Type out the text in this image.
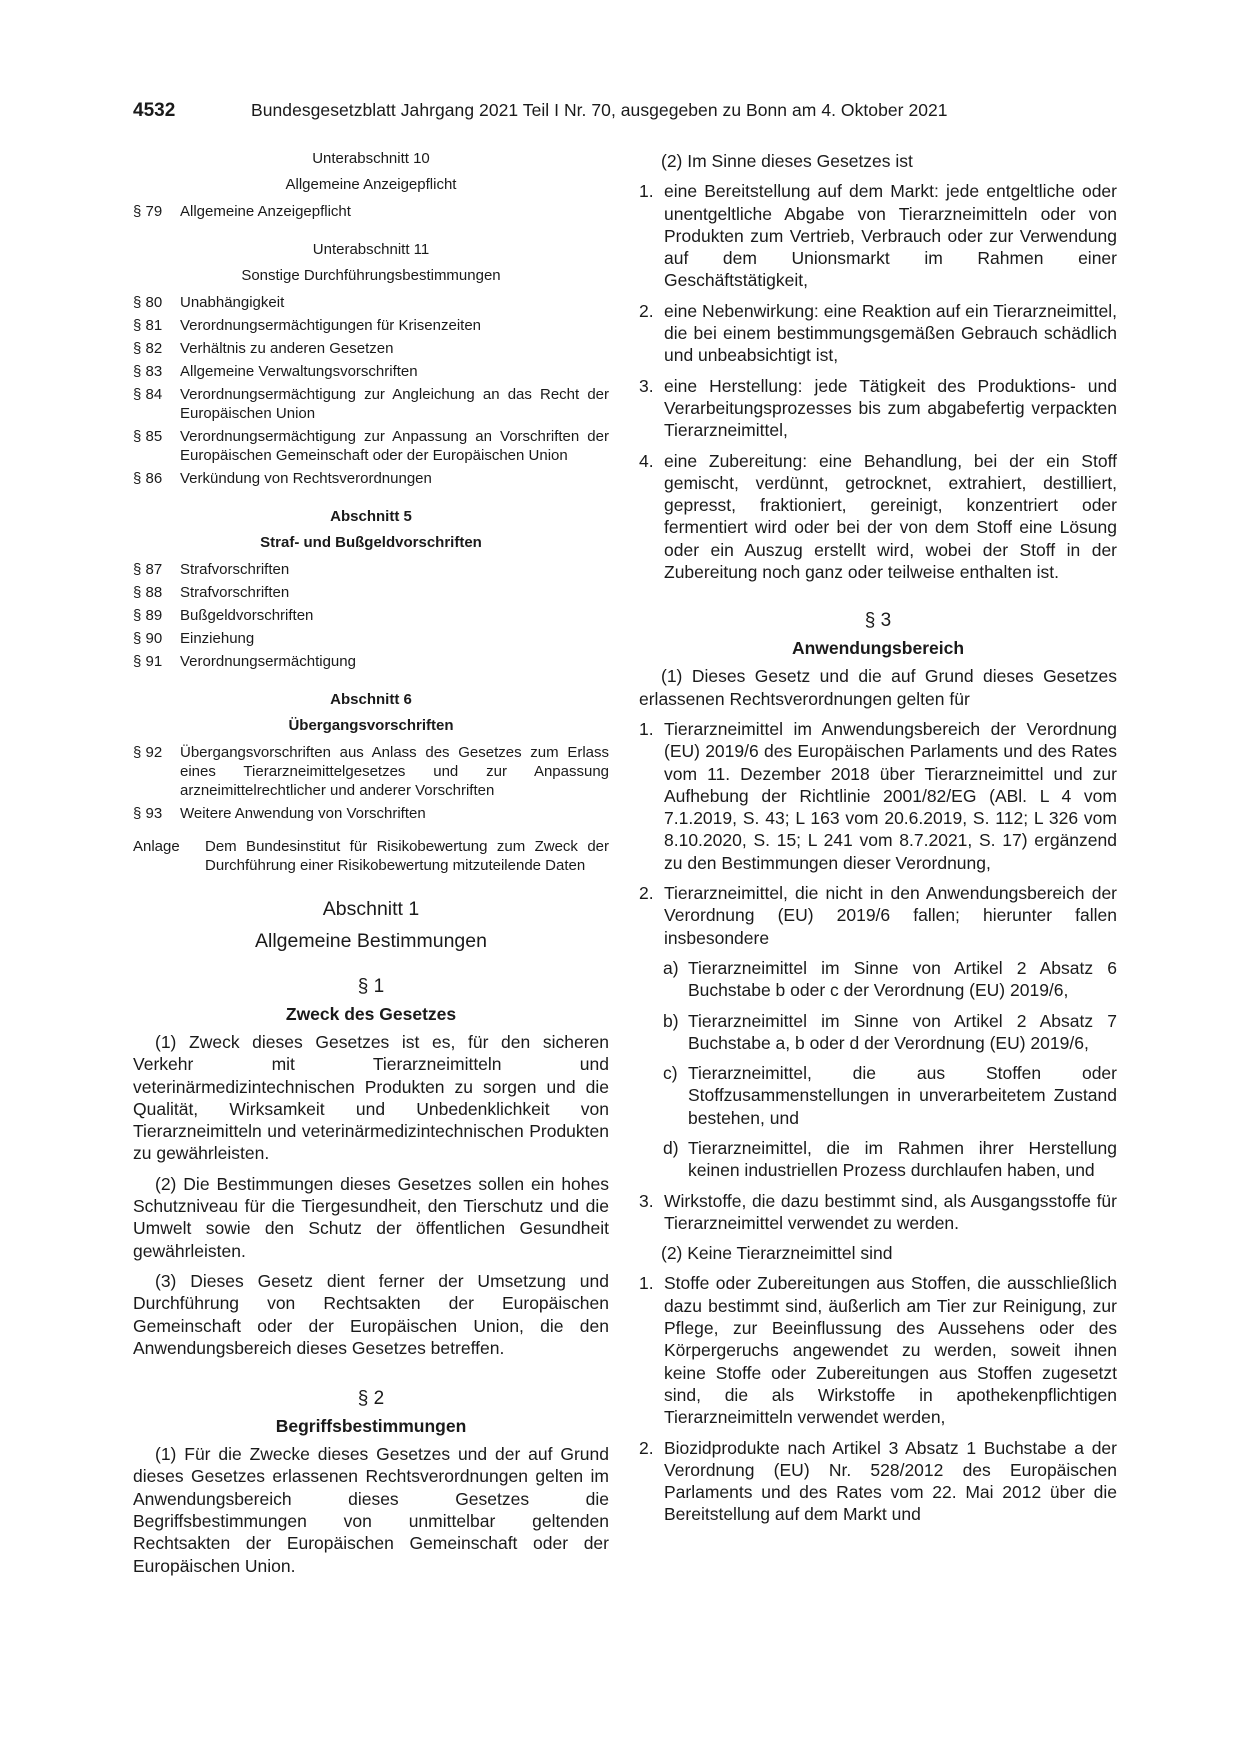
4532	Bundesgesetzblatt Jahrgang 2021 Teil I Nr. 70, ausgegeben zu Bonn am 4. Oktober 2021
Unterabschnitt 10
Allgemeine Anzeigepflicht
§ 79	Allgemeine Anzeigepflicht
Unterabschnitt 11
Sonstige Durchführungsbestimmungen
§ 80	Unabhängigkeit
§ 81	Verordnungsermächtigungen für Krisenzeiten
§ 82	Verhältnis zu anderen Gesetzen
§ 83	Allgemeine Verwaltungsvorschriften
§ 84	Verordnungsermächtigung zur Angleichung an das Recht der Europäischen Union
§ 85	Verordnungsermächtigung zur Anpassung an Vorschriften der Europäischen Gemeinschaft oder der Europäischen Union
§ 86	Verkündung von Rechtsverordnungen
Abschnitt 5
Straf- und Bußgeldvorschriften
§ 87	Strafvorschriften
§ 88	Strafvorschriften
§ 89	Bußgeldvorschriften
§ 90	Einziehung
§ 91	Verordnungsermächtigung
Abschnitt 6
Übergangsvorschriften
§ 92	Übergangsvorschriften aus Anlass des Gesetzes zum Erlass eines Tierarzneimittelgesetzes und zur Anpassung arzneimittelrechtlicher und anderer Vorschriften
§ 93	Weitere Anwendung von Vorschriften
Anlage	Dem Bundesinstitut für Risikobewertung zum Zweck der Durchführung einer Risikobewertung mitzuteilende Daten
Abschnitt 1
Allgemeine Bestimmungen
§ 1
Zweck des Gesetzes

(1) Zweck dieses Gesetzes ist es, für den sicheren Verkehr mit Tierarzneimitteln und veterinärmedizintechnischen Produkten zu sorgen und die Qualität, Wirksamkeit und Unbedenklichkeit von Tierarzneimitteln und veterinärmedizintechnischen Produkten zu gewährleisten.

(2) Die Bestimmungen dieses Gesetzes sollen ein hohes Schutzniveau für die Tiergesundheit, den Tierschutz und die Umwelt sowie den Schutz der öffentlichen Gesundheit gewährleisten.

(3) Dieses Gesetz dient ferner der Umsetzung und Durchführung von Rechtsakten der Europäischen Gemeinschaft oder der Europäischen Union, die den Anwendungsbereich dieses Gesetzes betreffen.

§ 2
Begriffsbestimmungen

(1) Für die Zwecke dieses Gesetzes und der auf Grund dieses Gesetzes erlassenen Rechtsverordnungen gelten im Anwendungsbereich dieses Gesetzes die Begriffsbestimmungen von unmittelbar geltenden Rechtsakten der Europäischen Gemeinschaft oder der Europäischen Union.

(2) Im Sinne dieses Gesetzes ist

1. eine Bereitstellung auf dem Markt: jede entgeltliche oder unentgeltliche Abgabe von Tierarzneimitteln oder von Produkten zum Vertrieb, Verbrauch oder zur Verwendung auf dem Unionsmarkt im Rahmen einer Geschäftstätigkeit,
2. eine Nebenwirkung: eine Reaktion auf ein Tierarzneimittel, die bei einem bestimmungsgemäßen Gebrauch schädlich und unbeabsichtigt ist,
3. eine Herstellung: jede Tätigkeit des Produktions- und Verarbeitungsprozesses bis zum abgabefertig verpackten Tierarzneimittel,
4. eine Zubereitung: eine Behandlung, bei der ein Stoff gemischt, verdünnt, getrocknet, extrahiert, destilliert, gepresst, fraktioniert, gereinigt, konzentriert oder fermentiert wird oder bei der von dem Stoff eine Lösung oder ein Auszug erstellt wird, wobei der Stoff in der Zubereitung noch ganz oder teilweise enthalten ist.
§ 3
Anwendungsbereich

(1) Dieses Gesetz und die auf Grund dieses Gesetzes erlassenen Rechtsverordnungen gelten für

1. Tierarzneimittel im Anwendungsbereich der Verordnung (EU) 2019/6 des Europäischen Parlaments und des Rates vom 11. Dezember 2018 über Tierarzneimittel und zur Aufhebung der Richtlinie 2001/82/EG (ABl. L 4 vom 7.1.2019, S. 43; L 163 vom 20.6.2019, S. 112; L 326 vom 8.10.2020, S. 15; L 241 vom 8.7.2021, S. 17) ergänzend zu den Bestimmungen dieser Verordnung,
2. Tierarzneimittel, die nicht in den Anwendungsbereich der Verordnung (EU) 2019/6 fallen; hierunter fallen insbesondere
a) Tierarzneimittel im Sinne von Artikel 2 Absatz 6 Buchstabe b oder c der Verordnung (EU) 2019/6,
b) Tierarzneimittel im Sinne von Artikel 2 Absatz 7 Buchstabe a, b oder d der Verordnung (EU) 2019/6,
c) Tierarzneimittel, die aus Stoffen oder Stoffzusammenstellungen in unverarbeitetem Zustand bestehen, und
d) Tierarzneimittel, die im Rahmen ihrer Herstellung keinen industriellen Prozess durchlaufen haben, und
3. Wirkstoffe, die dazu bestimmt sind, als Ausgangsstoffe für Tierarzneimittel verwendet zu werden.

(2) Keine Tierarzneimittel sind

1. Stoffe oder Zubereitungen aus Stoffen, die ausschließlich dazu bestimmt sind, äußerlich am Tier zur Reinigung, zur Pflege, zur Beeinflussung des Aussehens oder des Körpergeruchs angewendet zu werden, soweit ihnen keine Stoffe oder Zubereitungen aus Stoffen zugesetzt sind, die als Wirkstoffe in apothekenpflichtigen Tierarzneimitteln verwendet werden,
2. Biozidprodukte nach Artikel 3 Absatz 1 Buchstabe a der Verordnung (EU) Nr. 528/2012 des Europäischen Parlaments und des Rates vom 22. Mai 2012 über die Bereitstellung auf dem Markt und
